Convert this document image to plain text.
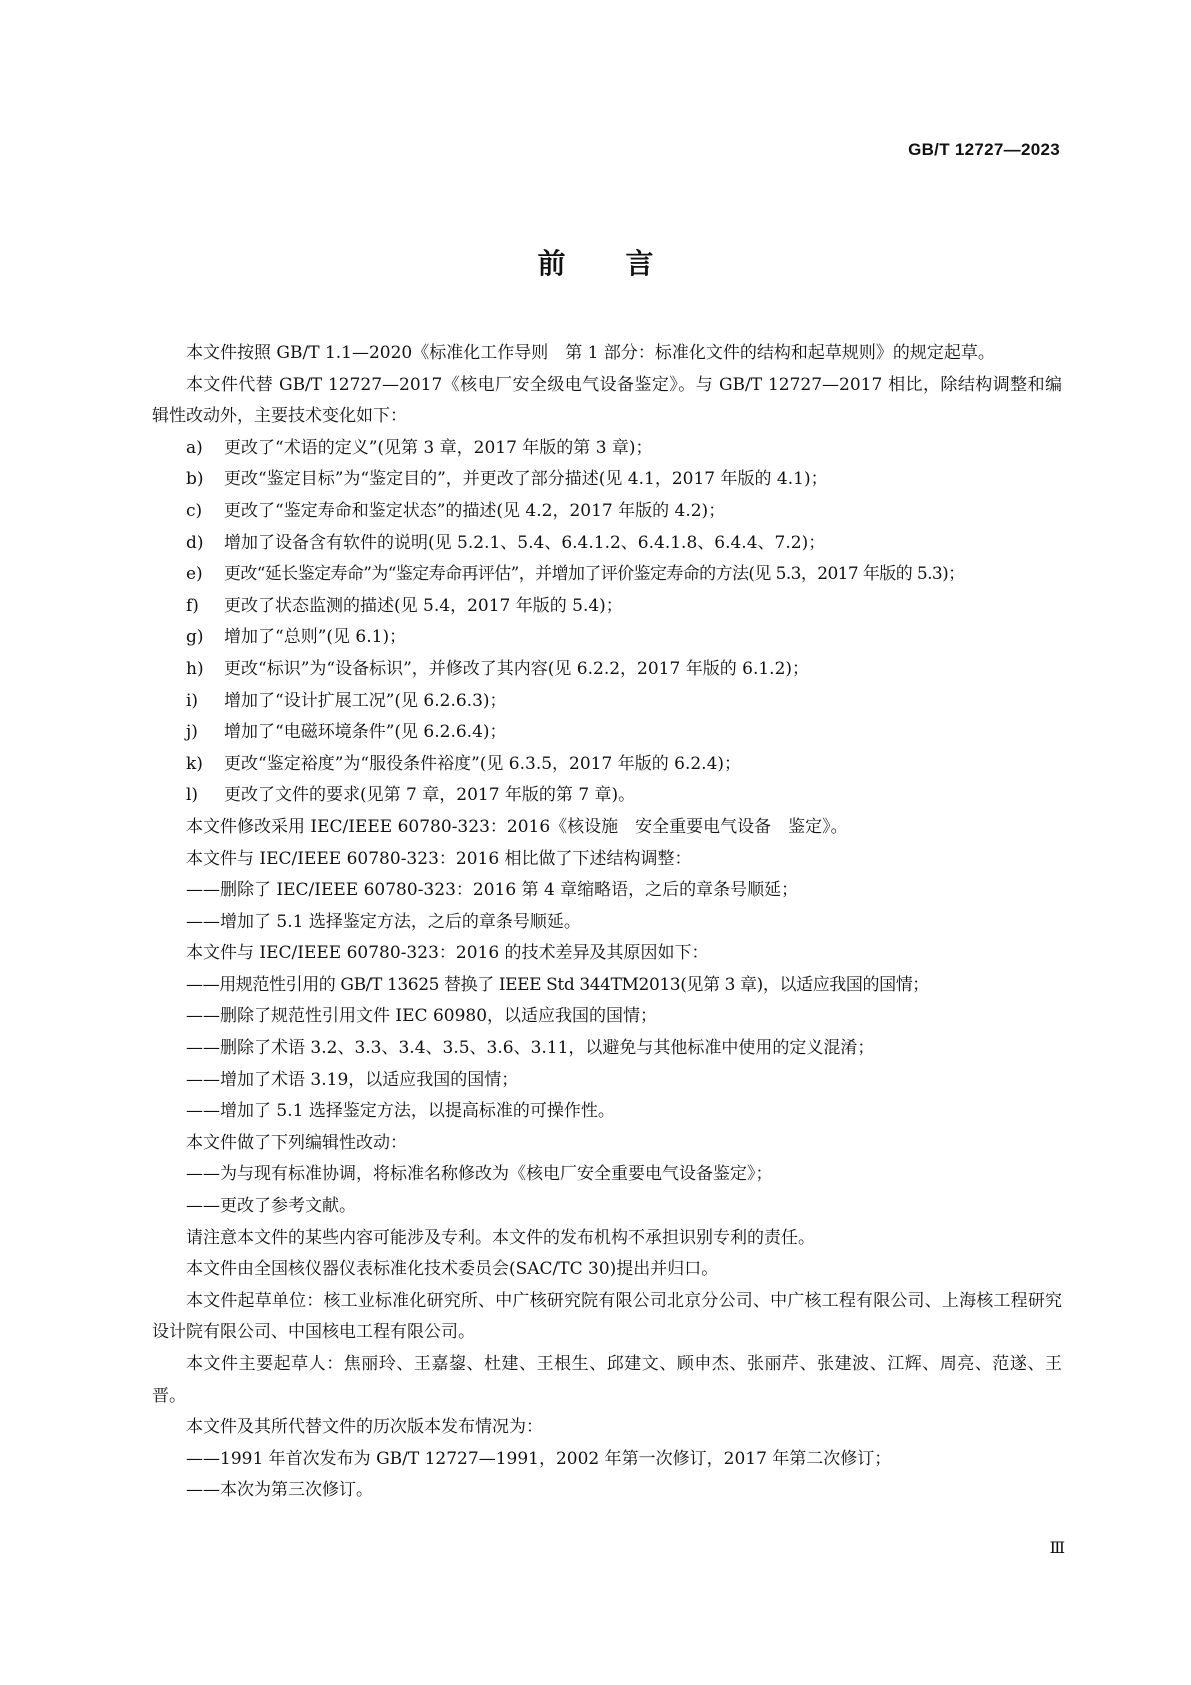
GB/T 12727—2023
前言

本文件按照 GB/T 1.1—2020《标准化工作导则　第 1 部分：标准化文件的结构和起草规则》的规定起草。

本文件代替 GB/T 12727—2017《核电厂安全级电气设备鉴定》。与 GB/T 12727—2017 相比，除结构调整和编辑性改动外，主要技术变化如下：

a)	更改了“术语的定义”(见第 3 章，2017 年版的第 3 章)；
b)	更改“鉴定目标”为“鉴定目的”，并更改了部分描述(见 4.1，2017 年版的 4.1)；
c)	更改了“鉴定寿命和鉴定状态”的描述(见 4.2，2017 年版的 4.2)；
d)	增加了设备含有软件的说明(见 5.2.1、5.4、6.4.1.2、6.4.1.8、6.4.4、7.2)；
e)	更改“延长鉴定寿命”为“鉴定寿命再评估”，并增加了评价鉴定寿命的方法(见 5.3，2017 年版的 5.3)；
f)	更改了状态监测的描述(见 5.4，2017 年版的 5.4)；
g)	增加了“总则”(见 6.1)；
h)	更改“标识”为“设备标识”，并修改了其内容(见 6.2.2，2017 年版的 6.1.2)；
i)	增加了“设计扩展工况”(见 6.2.6.3)；
j)	增加了“电磁环境条件”(见 6.2.6.4)；
k)	更改“鉴定裕度”为“服役条件裕度”(见 6.3.5，2017 年版的 6.2.4)；
l)	更改了文件的要求(见第 7 章，2017 年版的第 7 章)。

本文件修改采用 IEC/IEEE 60780-323：2016《核设施　安全重要电气设备　鉴定》。

本文件与 IEC/IEEE 60780-323：2016 相比做了下述结构调整：

——删除了 IEC/IEEE 60780-323：2016 第 4 章缩略语，之后的章条号顺延；
——增加了 5.1 选择鉴定方法，之后的章条号顺延。

本文件与 IEC/IEEE 60780-323：2016 的技术差异及其原因如下：

——用规范性引用的 GB/T 13625 替换了 IEEE Std 344TM2013(见第 3 章)，以适应我国的国情；
——删除了规范性引用文件 IEC 60980，以适应我国的国情；
——删除了术语 3.2、3.3、3.4、3.5、3.6、3.11，以避免与其他标准中使用的定义混淆；
——增加了术语 3.19，以适应我国的国情；
——增加了 5.1 选择鉴定方法，以提高标准的可操作性。

本文件做了下列编辑性改动：

——为与现有标准协调，将标准名称修改为《核电厂安全重要电气设备鉴定》；
——更改了参考文献。

请注意本文件的某些内容可能涉及专利。本文件的发布机构不承担识别专利的责任。

本文件由全国核仪器仪表标准化技术委员会(SAC/TC 30)提出并归口。

本文件起草单位：核工业标准化研究所、中广核研究院有限公司北京分公司、中广核工程有限公司、上海核工程研究设计院有限公司、中国核电工程有限公司。

本文件主要起草人：焦丽玲、王嘉鋆、杜建、王根生、邱建文、顾申杰、张丽芹、张建波、江辉、周亮、范遂、王晋。

本文件及其所代替文件的历次版本发布情况为：

——1991 年首次发布为 GB/T 12727—1991，2002 年第一次修订，2017 年第二次修订；
——本次为第三次修订。
Ⅲ
